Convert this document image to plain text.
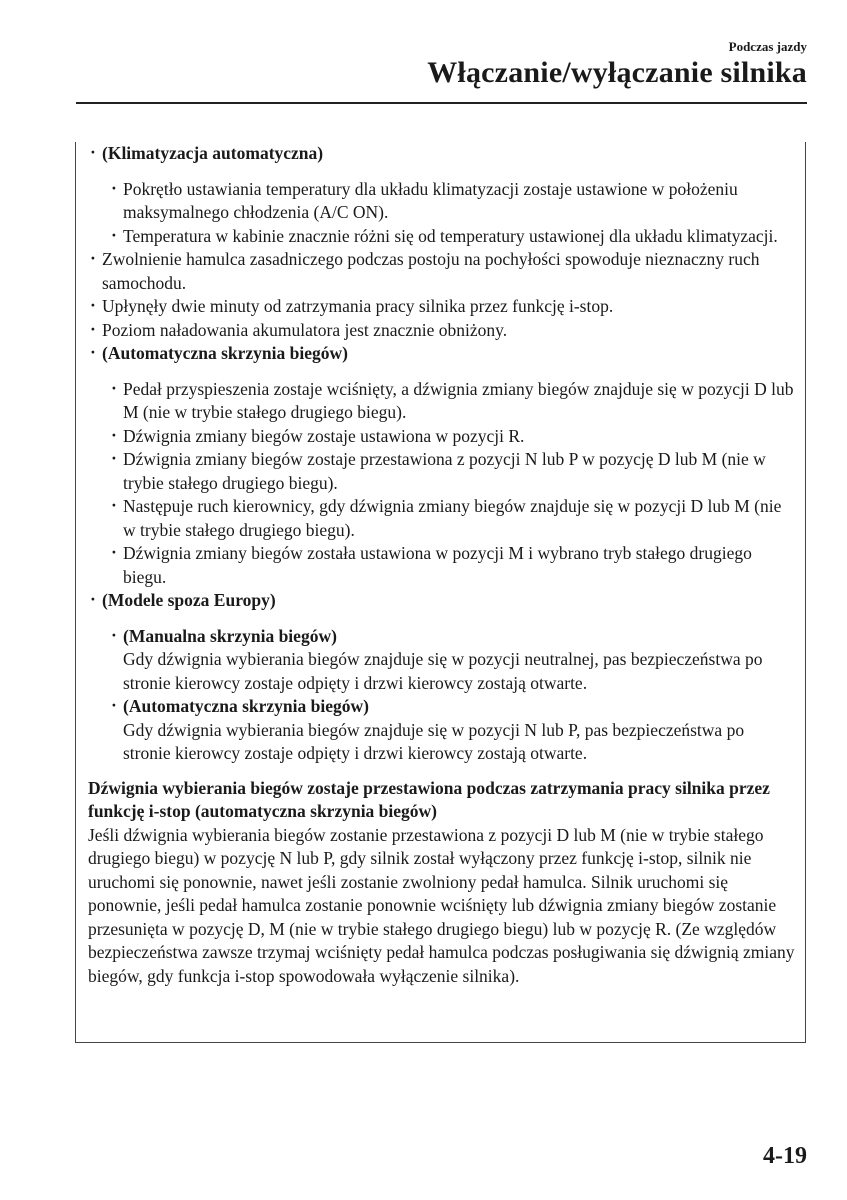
Podczas jazdy
Włączanie/wyłączanie silnika

· (Klimatyzacja automatyczna)

· Pokrętło ustawiania temperatury dla układu klimatyzacji zostaje ustawione w położeniu maksymalnego chłodzenia (A/C ON).

· Temperatura w kabinie znacznie różni się od temperatury ustawionej dla układu klimatyzacji.

· Zwolnienie hamulca zasadniczego podczas postoju na pochyłości spowoduje nieznaczny ruch samochodu.

· Upłynęły dwie minuty od zatrzymania pracy silnika przez funkcję i-stop.

· Poziom naładowania akumulatora jest znacznie obniżony.

· (Automatyczna skrzynia biegów)

· Pedał przyspieszenia zostaje wciśnięty, a dźwignia zmiany biegów znajduje się w pozycji D lub M (nie w trybie stałego drugiego biegu).

· Dźwignia zmiany biegów zostaje ustawiona w pozycji R.

· Dźwignia zmiany biegów zostaje przestawiona z pozycji N lub P w pozycję D lub M (nie w trybie stałego drugiego biegu).

· Następuje ruch kierownicy, gdy dźwignia zmiany biegów znajduje się w pozycji D lub M (nie w trybie stałego drugiego biegu).

· Dźwignia zmiany biegów została ustawiona w pozycji M i wybrano tryb stałego drugiego biegu.

· (Modele spoza Europy)

· (Manualna skrzynia biegów)
Gdy dźwignia wybierania biegów znajduje się w pozycji neutralnej, pas bezpieczeństwa po stronie kierowcy zostaje odpięty i drzwi kierowcy zostają otwarte.
· (Automatyczna skrzynia biegów)
Gdy dźwignia wybierania biegów znajduje się w pozycji N lub P, pas bezpieczeństwa po stronie kierowcy zostaje odpięty i drzwi kierowcy zostają otwarte.
Dźwignia wybierania biegów zostaje przestawiona podczas zatrzymania pracy silnika przez funkcję i-stop (automatyczna skrzynia biegów)

Jeśli dźwignia wybierania biegów zostanie przestawiona z pozycji D lub M (nie w trybie stałego drugiego biegu) w pozycję N lub P, gdy silnik został wyłączony przez funkcję i-stop, silnik nie uruchomi się ponownie, nawet jeśli zostanie zwolniony pedał hamulca. Silnik uruchomi się ponownie, jeśli pedał hamulca zostanie ponownie wciśnięty lub dźwignia zmiany biegów zostanie przesunięta w pozycję D, M (nie w trybie stałego drugiego biegu) lub w pozycję R. (Ze względów bezpieczeństwa zawsze trzymaj wciśnięty pedał hamulca podczas posługiwania się dźwignią zmiany biegów, gdy funkcja i-stop spowodowała wyłączenie silnika).

4-19
